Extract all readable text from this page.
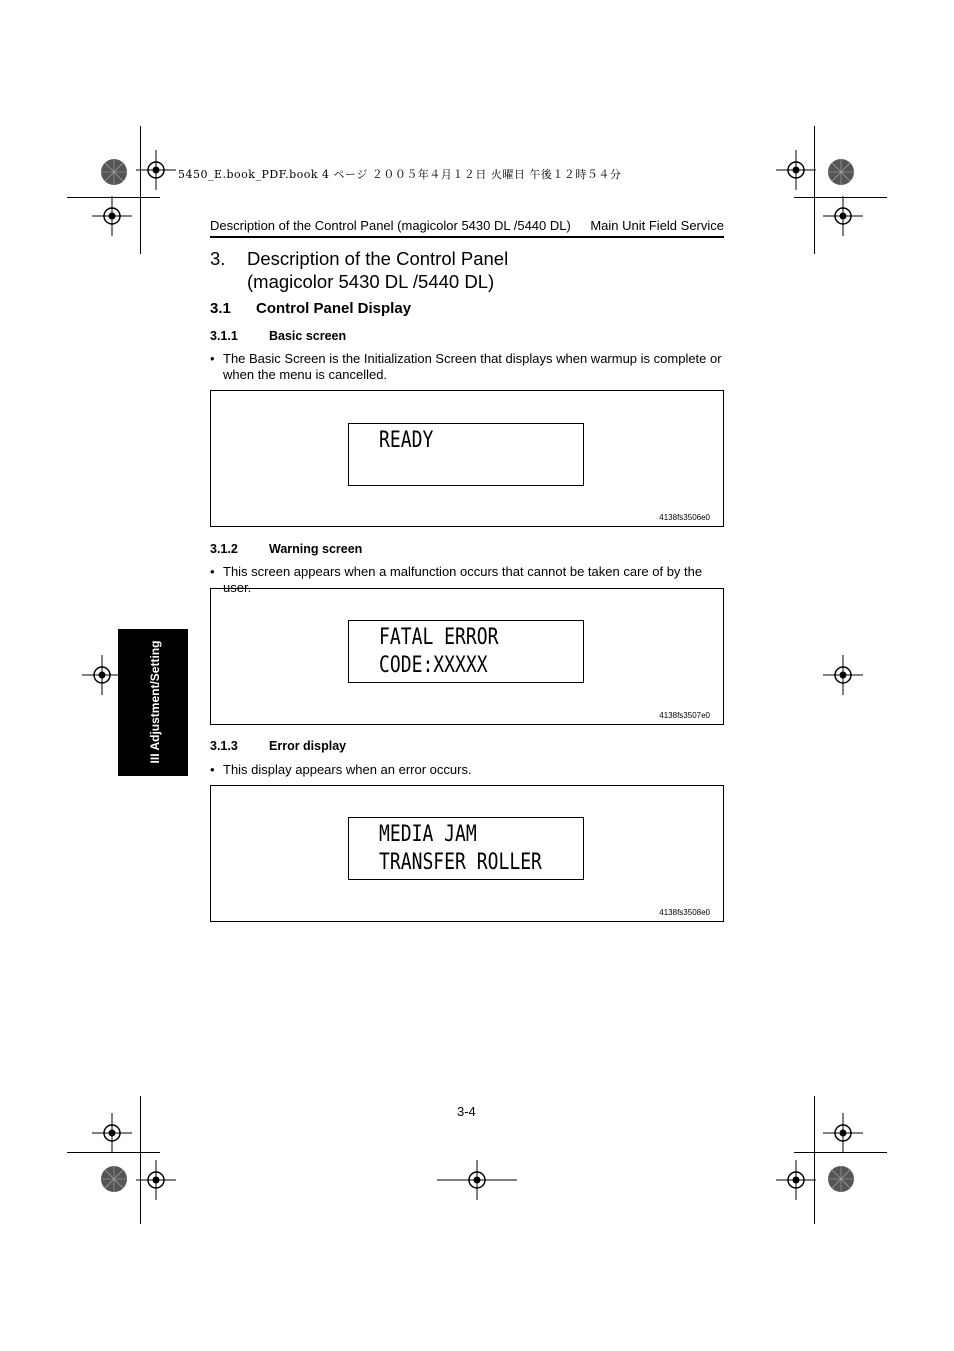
5450_E.book_PDF.book 4 ページ ２００５年４月１２日 火曜日 午後１２時５４分
Description of the Control Panel (magicolor 5430 DL /5440 DL) Main Unit Field Service
3. Description of the Control Panel
(magicolor 5430 DL /5440 DL)
3.1 Control Panel Display
3.1.1 Basic screen
• The Basic Screen is the Initialization Screen that displays when warmup is complete or when the menu is cancelled.
READY
4138fs3506e0
3.1.2 Warning screen
• This screen appears when a malfunction occurs that cannot be taken care of by the user.
FATAL ERROR
CODE:XXXXX
4138fs3507e0
3.1.3 Error display
• This display appears when an error occurs.
MEDIA JAM
TRANSFER ROLLER
4138fs3508e0
III Adjustment/Setting
3-4
